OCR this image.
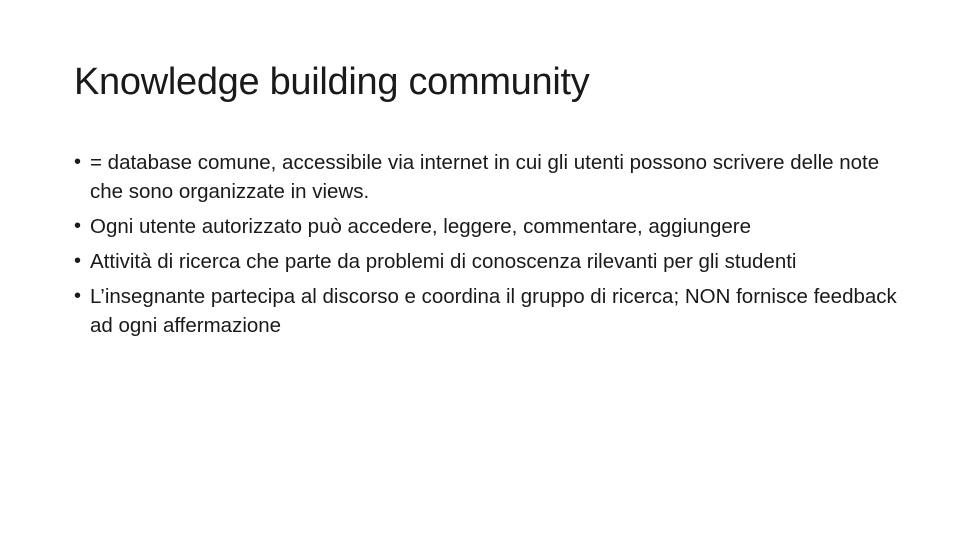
Knowledge building community
• = database comune, accessibile via internet in cui gli utenti possono scrivere delle note che sono organizzate in views.
• Ogni utente autorizzato può accedere, leggere, commentare, aggiungere
• Attività di ricerca che parte da problemi di conoscenza rilevanti per gli studenti
• L’insegnante partecipa al discorso e coordina il gruppo di ricerca; NON fornisce feedback ad ogni affermazione
